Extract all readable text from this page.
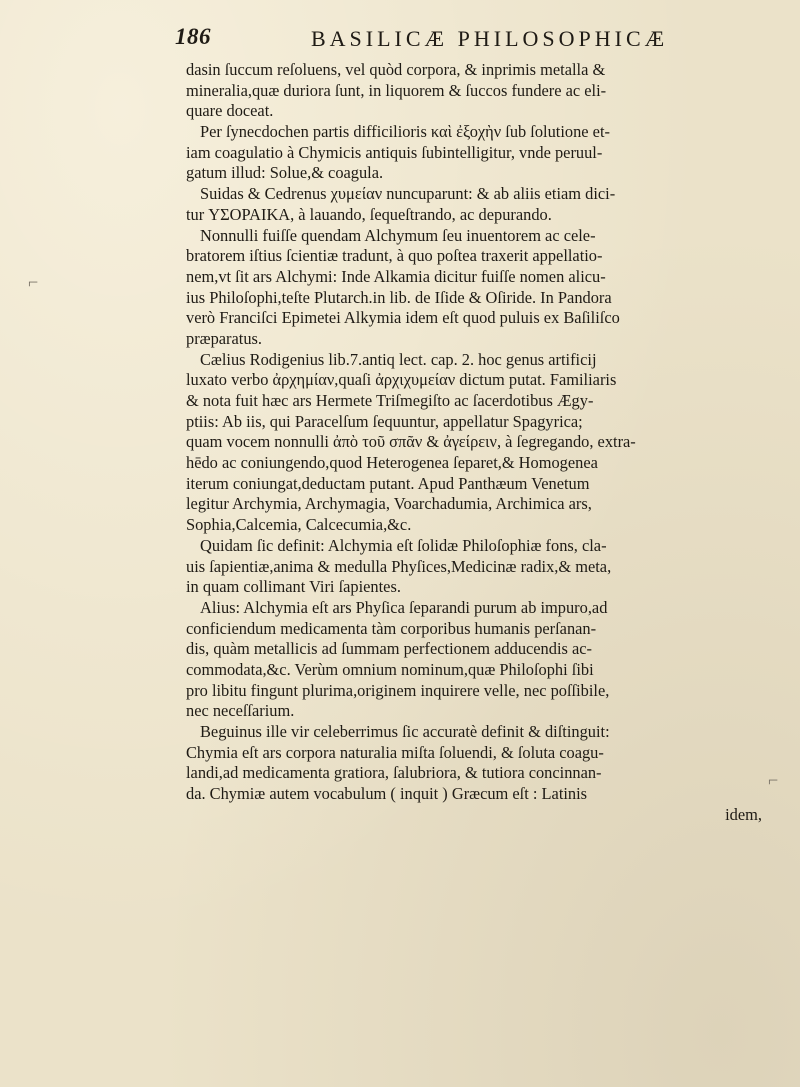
186	BASILICÆ PHILOSOPHICÆ
dasin ſuccum reſoluens, vel quòd corpora, & inprimis metalla &
mineralia,quæ duriora ſunt, in liquorem & ſuccos fundere ac eli-
quare doceat.
Per ſynecdochen partis difficilioris καὶ ἐξοχὴν ſub ſolutione et-
iam coagulatio à Chymicis antiquis ſubintelligitur, vnde peruul-
gatum illud: Solue,& coagula.
Suidas & Cedrenus χυμείαν nuncuparunt: & ab aliis etiam dici-
tur ΥΣΟΡΑΙΚΑ, à lauando, ſequeſtrando, ac depurando.
Nonnulli fuiſſe quendam Alchymum ſeu inuentorem ac cele-
bratorem iſtius ſcientiæ tradunt, à quo poſtea traxerit appellatio-
nem,vt ſit ars Alchymi: Inde Alkamia dicitur fuiſſe nomen alicu-
ius Philoſophi,teſte Plutarch.in lib. de Iſide & Oſiride. In Pandora
verò Franciſci Epimetei Alkymia idem eſt quod puluis ex Baſiliſco
præparatus.
Cælius Rodigenius lib.7.antiq lect. cap. 2. hoc genus artificij
luxato verbo ἀρχημίαν,quaſi ἀρχιχυμείαν dictum putat. Familiaris
& nota fuit hæc ars Hermete Triſmegiſto ac ſacerdotibus Ægy-
ptiis: Ab iis, qui Paracelſum ſequuntur, appellatur Spagyrica;
quam vocem nonnulli ἀπὸ τοῦ σπᾶν & ἀγείρειν, à ſegregando, extra-
hēdo ac coniungendo,quod Heterogenea ſeparet,& Homogenea
iterum coniungat,deductam putant. Apud Panthæum Venetum
legitur Archymia, Archymagia, Voarchadumia, Archimica ars,
Sophia,Calcemia, Calcecumia,&c.
Quidam ſic definit: Alchymia eſt ſolidæ Philoſophiæ fons, cla-
uis ſapientiæ,anima & medulla Phyſices,Medicinæ radix,& meta,
in quam collimant Viri ſapientes.
Alius: Alchymia eſt ars Phyſica ſeparandi purum ab impuro,ad
conficiendum medicamenta tàm corporibus humanis perſanan-
dis, quàm metallicis ad ſummam perfectionem adducendis ac-
commodata,&c. Verùm omnium nominum,quæ Philoſophi ſibi
pro libitu fingunt plurima,originem inquirere velle, nec poſſibile,
nec neceſſarium.
Beguinus ille vir celeberrimus ſic accuratè definit & diſtinguit:
Chymia eſt ars corpora naturalia miſta ſoluendi, & ſoluta coagu-
landi,ad medicamenta gratiora, ſalubriora, & tutiora concinnan-
da. Chymiæ autem vocabulum ( inquit ) Græcum eſt : Latinis
idem,
⌐
⌐
